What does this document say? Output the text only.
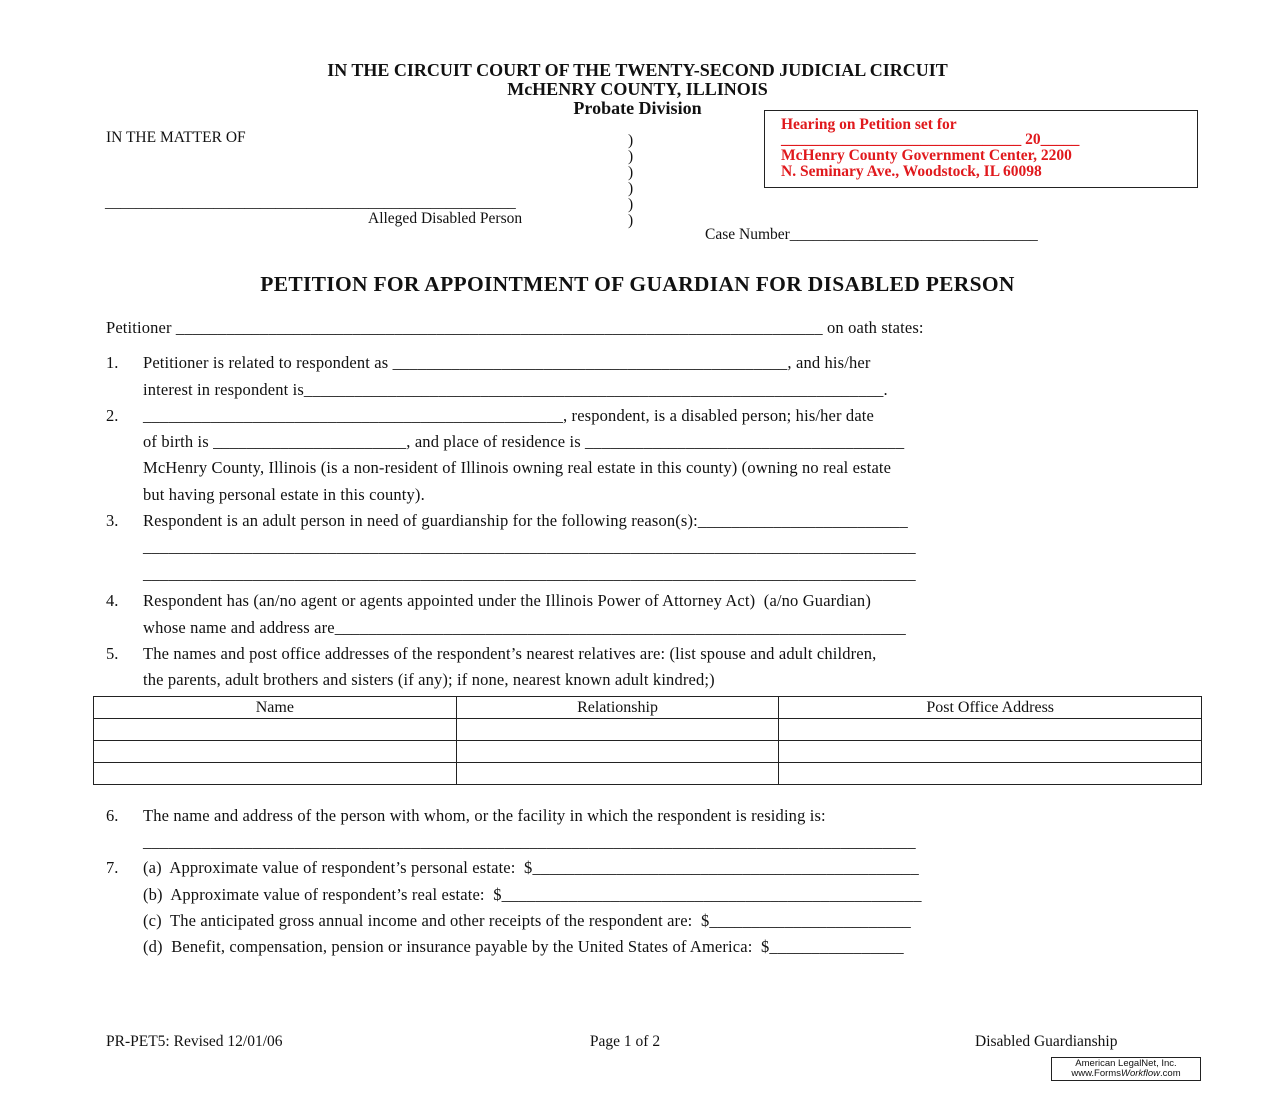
IN THE CIRCUIT COURT OF THE TWENTY-SECOND JUDICIAL CIRCUIT
McHENRY COUNTY, ILLINOIS
Probate Division
IN THE MATTER OF	)
)
)
)
)
)
_____________________________________________________
Alleged Disabled Person
Case Number________________________________
Hearing on Petition set for
_______________________________ 20_____
McHenry County Government Center, 2200
N. Seminary Ave., Woodstock, IL 60098
PETITION FOR APPOINTMENT OF GUARDIAN FOR DISABLED PERSON
Petitioner _____________________________________________________________________________ on oath states:
1. Petitioner is related to respondent as _______________________________________________, and his/her
interest in respondent is_____________________________________________________________________.
2. __________________________________________________, respondent, is a disabled person; his/her date
of birth is _______________________, and place of residence is ______________________________________
McHenry County, Illinois (is a non-resident of Illinois owning real estate in this county) (owning no real estate
but having personal estate in this county).
3. Respondent is an adult person in need of guardianship for the following reason(s):_________________________
____________________________________________________________________________________________
____________________________________________________________________________________________
4. Respondent has (an/no agent or agents appointed under the Illinois Power of Attorney Act)  (a/no Guardian)
whose name and address are____________________________________________________________________
5. The names and post office addresses of the respondent’s nearest relatives are: (list spouse and adult children,
the parents, adult brothers and sisters (if any); if none, nearest known adult kindred;)
Name	Relationship	Post Office Address

6. The name and address of the person with whom, or the facility in which the respondent is residing is:
____________________________________________________________________________________________
7. (a)  Approximate value of respondent’s personal estate:  $______________________________________________
(b)  Approximate value of respondent’s real estate:  $__________________________________________________
(c)  The anticipated gross annual income and other receipts of the respondent are:  $________________________
(d)  Benefit, compensation, pension or insurance payable by the United States of America:  $________________
PR-PET5: Revised 12/01/06	Page 1 of 2	Disabled Guardianship
American LegalNet, Inc.
www.FormsWorkflow.com
